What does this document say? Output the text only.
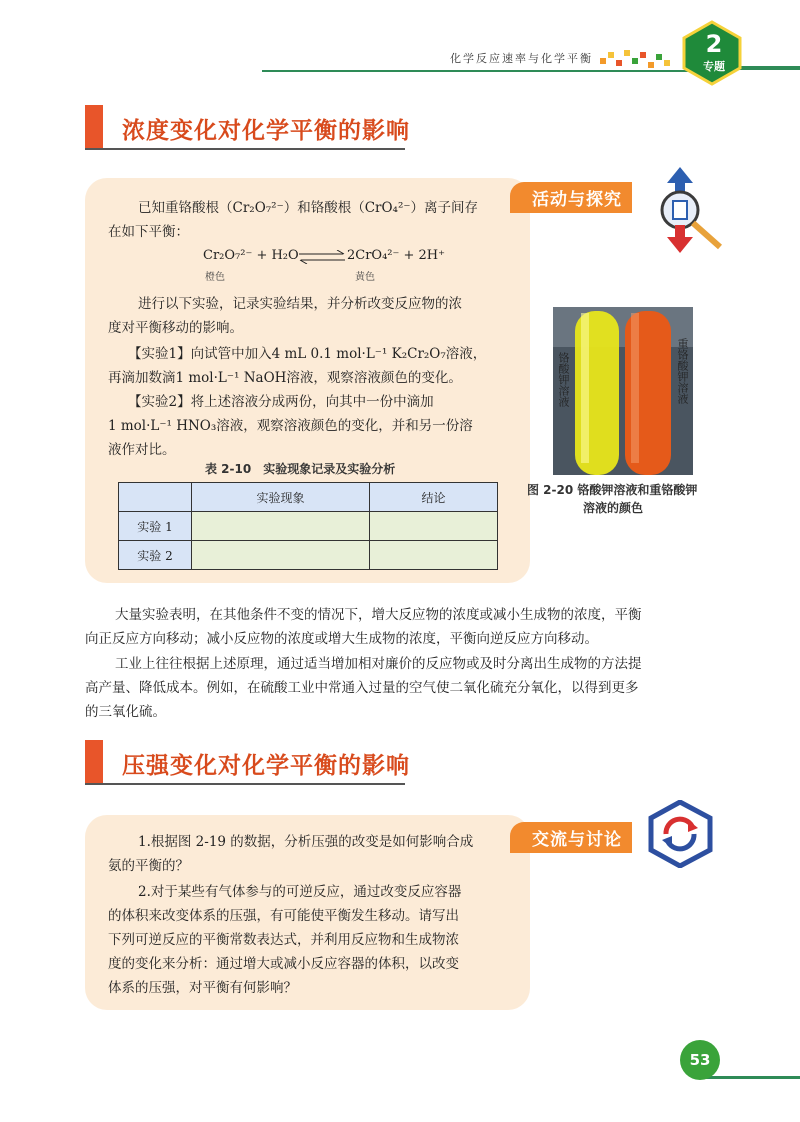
化学反应速率与化学平衡
2
专题
浓度变化对化学平衡的影响
活动与探究
已知重铬酸根（Cr₂O₇²⁻）和铬酸根（CrO₄²⁻）离子间存
在如下平衡：
Cr₂O₇²⁻ + H₂O ⇌ 2CrO₄²⁻ + 2H⁺
橙色	黄色
进行以下实验，记录实验结果，并分析改变反应物的浓
度对平衡移动的影响。
【实验1】向试管中加入4 mL 0.1 mol·L⁻¹ K₂Cr₂O₇溶液，
再滴加数滴1 mol·L⁻¹ NaOH溶液，观察溶液颜色的变化。
【实验2】将上述溶液分成两份，向其中一份中滴加
1 mol·L⁻¹ HNO₃溶液，观察溶液颜色的变化，并和另一份溶
液作对比。
表 2-10　实验现象记录及实验分析
	实验现象	结论
实验 1		
实验 2		
铬酸钾溶液	重铬酸钾溶液
图 2-20 铬酸钾溶液和重铬酸钾
溶液的颜色
大量实验表明，在其他条件不变的情况下，增大反应物的浓度或减小生成物的浓度，平衡
向正反应方向移动；减小反应物的浓度或增大生成物的浓度，平衡向逆反应方向移动。
工业上往往根据上述原理，通过适当增加相对廉价的反应物或及时分离出生成物的方法提
高产量、降低成本。例如，在硫酸工业中常通入过量的空气使二氧化硫充分氧化，以得到更多
的三氧化硫。
压强变化对化学平衡的影响
交流与讨论
1.根据图 2-19 的数据，分析压强的改变是如何影响合成
氨的平衡的？
2.对于某些有气体参与的可逆反应，通过改变反应容器
的体积来改变体系的压强，有可能使平衡发生移动。请写出
下列可逆反应的平衡常数表达式，并利用反应物和生成物浓
度的变化来分析：通过增大或减小反应容器的体积，以改变
体系的压强，对平衡有何影响？
53
